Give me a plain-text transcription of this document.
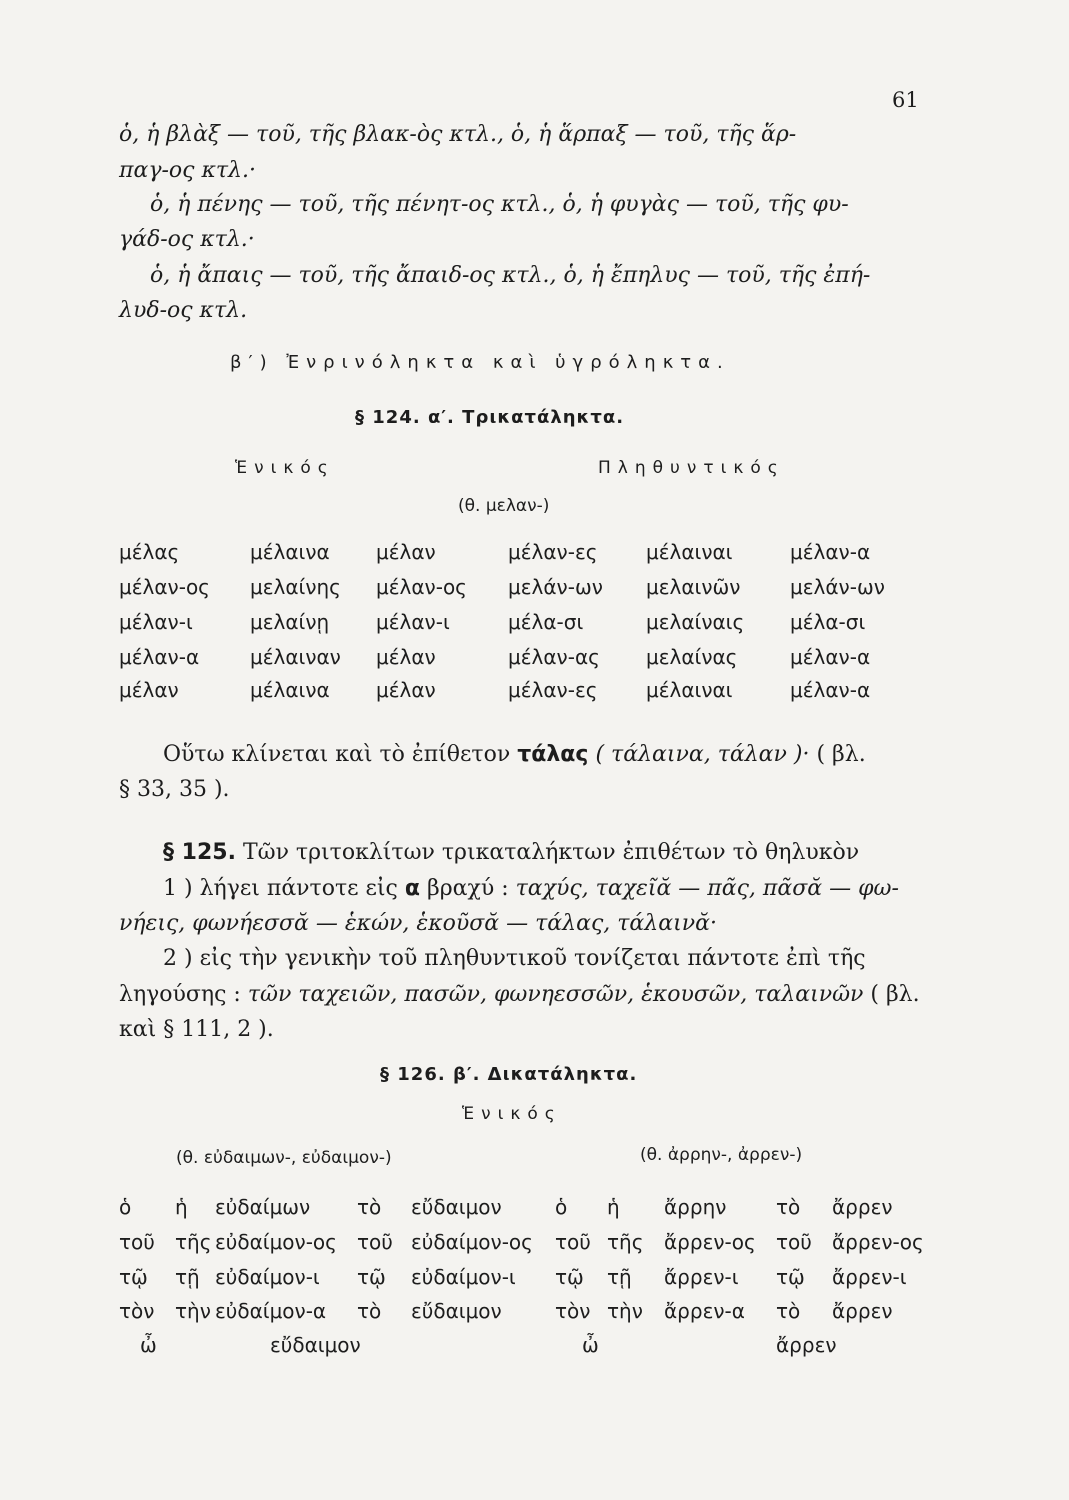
61
ὁ, ἡ βλὰξ — τοῦ, τῆς βλακ-ὸς κτλ., ὁ, ἡ ἅρπαξ — τοῦ, τῆς ἅρ-
παγ-ος κτλ.·
ὁ, ἡ πένης — τοῦ, τῆς πένητ-ος κτλ., ὁ, ἡ φυγὰς — τοῦ, τῆς φυ-
γάδ-ος κτλ.·
ὁ, ἡ ἄπαις — τοῦ, τῆς ἄπαιδ-ος κτλ., ὁ, ἡ ἔπηλυς — τοῦ, τῆς ἐπή-
λυδ-ος κτλ.
β′) Ἐνρινόληκτα καὶ ὑγρόληκτα.
§ 124. α′. Τρικατάληκτα.
Ἑνικός	Πληθυντικός
(θ. μελαν-)
μέλας	μέλαινα μέλαν	μέλαν-ες μέλαιναι	μέλαν-α
μέλαν-ος μελαίνης μέλαν-ος μελάν-ων μελαινῶν μελάν-ων
μέλαν-ι	μελαίνῃ μέλαν-ι	μέλα-σι	μελαίναις μέλα-σι
μέλαν-α	μέλαιναν μέλαν	μέλαν-ας μελαίνας	μέλαν-α
μέλαν	μέλαινα μέλαν	μέλαν-ες μέλαιναι	μέλαν-α
Οὕτω κλίνεται καὶ τὸ ἐπίθετον τάλας ( τάλαινα, τάλαν )· ( βλ.
§ 33, 35 ).
§ 125. Τῶν τριτοκλίτων τρικαταλήκτων ἐπιθέτων τὸ θηλυκὸν
1 ) λήγει πάντοτε εἰς α βραχύ : ταχύς, ταχεῖᾰ — πᾶς, πᾶσᾰ — φω-
νήεις, φωνήεσσᾰ — ἑκών, ἑκοῦσᾰ — τάλας, τάλαινᾰ·
2 ) εἰς τὴν γενικὴν τοῦ πληθυντικοῦ τονίζεται πάντοτε ἐπὶ τῆς
ληγούσης : τῶν ταχειῶν, πασῶν, φωνηεσσῶν, ἑκουσῶν, ταλαινῶν ( βλ.
καὶ § 111, 2 ).
§ 126. β′. Δικατάληκτα.
Ἑνικός
(θ. εὐδαιμων-, εὐδαιμον-)	(θ. ἀρρην-, ἀρρεν-)
ὁ ἡ εὐδαίμων τὸ εὔδαιμον	ὁ ἡ ἄρρην τὸ ἄρρεν
τοῦ τῆς εὐδαίμον-ος τοῦ εὐδαίμον-ος τοῦ τῆς ἄρρεν-ος τοῦ ἄρρεν-ος
τῷ τῇ εὐδαίμον-ι τῷ εὐδαίμον-ι τῷ τῇ ἄρρεν-ι τῷ ἄρρεν-ι
τὸν τὴν εὐδαίμον-α τὸ εὔδαιμον	τὸν τὴν ἄρρεν-α τὸ ἄρρεν
ὦ	εὔδαιμον	ὦ	ἄρρεν
